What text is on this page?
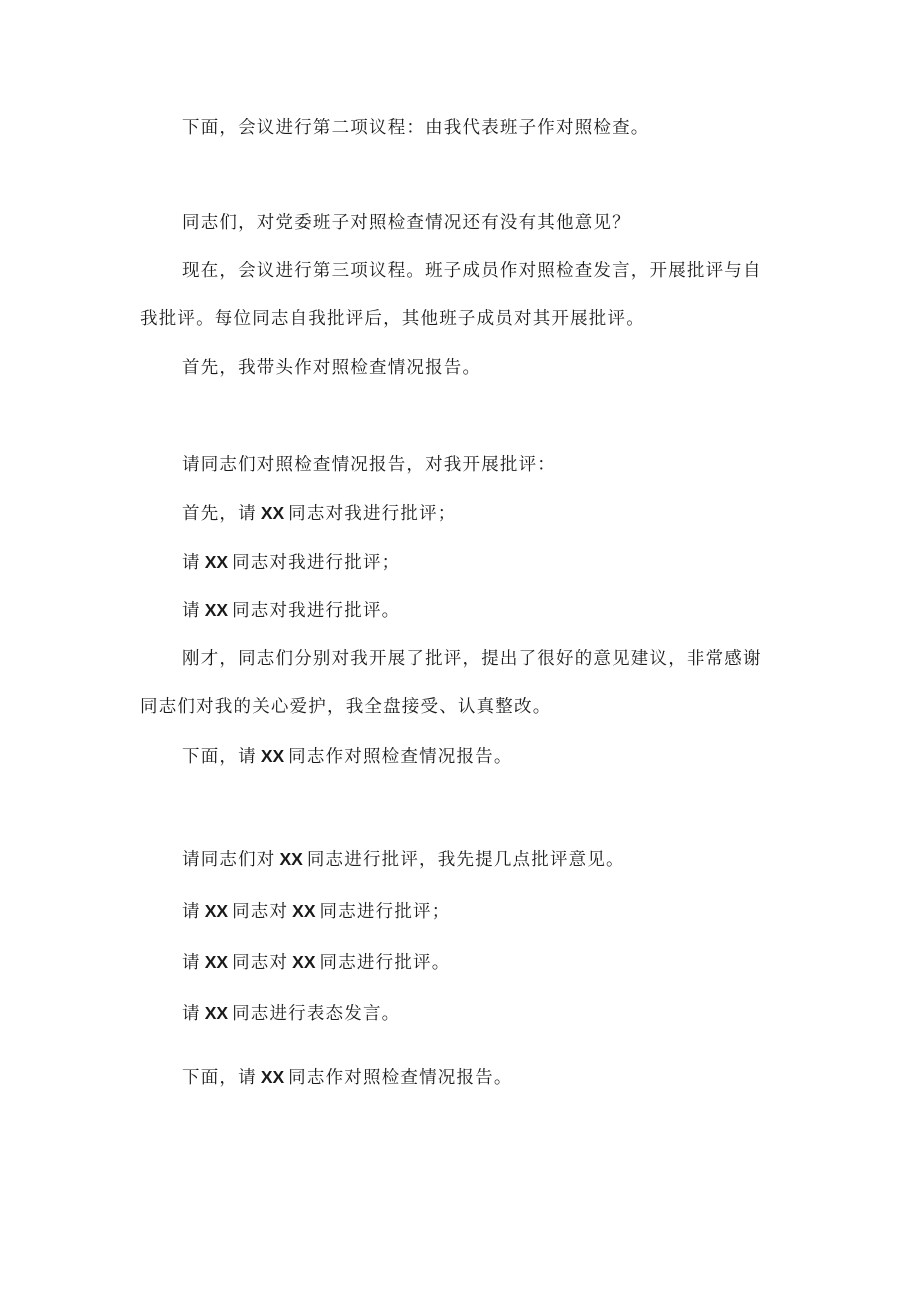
下面，会议进行第二项议程：由我代表班子作对照检查。

同志们，对党委班子对照检查情况还有没有其他意见？

现在，会议进行第三项议程。班子成员作对照检查发言，开展批评与自我批评。每位同志自我批评后，其他班子成员对其开展批评。

首先，我带头作对照检查情况报告。

请同志们对照检查情况报告，对我开展批评：

首先，请 XX 同志对我进行批评；

请 XX 同志对我进行批评；

请 XX 同志对我进行批评。

刚才，同志们分别对我开展了批评，提出了很好的意见建议，非常感谢同志们对我的关心爱护，我全盘接受、认真整改。

下面，请 XX 同志作对照检查情况报告。

请同志们对 XX 同志进行批评，我先提几点批评意见。

请 XX 同志对 XX 同志进行批评；

请 XX 同志对 XX 同志进行批评。

请 XX 同志进行表态发言。

下面，请 XX 同志作对照检查情况报告。
